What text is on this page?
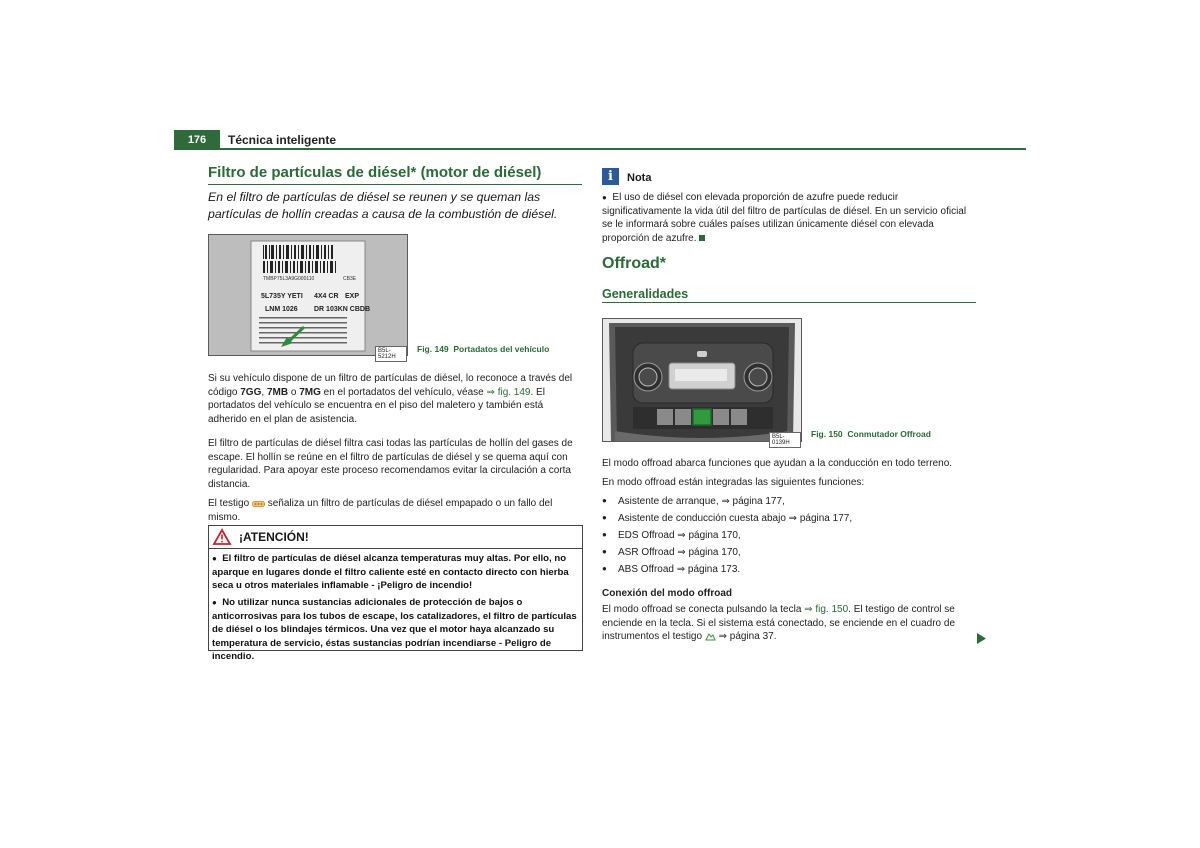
176	Técnica inteligente
Filtro de partículas de diésel* (motor de diésel)
En el filtro de partículas de diésel se reunen y se queman las partículas de hollín creadas a causa de la combustión de diésel.
TMBP75L3A9G000110	CB3E
5L735Y YETI 4X4 CR EXP
LNM 1026 DR 103KN CBDB
B5L-5212H
Fig. 149 Portadatos del vehículo
Si su vehículo dispone de un filtro de partículas de diésel, lo reconoce a través del código 7GG, 7MB o 7MG en el portadatos del vehículo, véase ⇒ fig. 149. El portadatos del vehículo se encuentra en el piso del maletero y también está adherido en el plan de asistencia.
El filtro de partículas de diésel filtra casi todas las partículas de hollín del gases de escape. El hollín se reúne en el filtro de partículas de diésel y se quema aquí con regularidad. Para apoyar este proceso recomendamos evitar la circulación a corta distancia.
El testigo  señaliza un filtro de partículas de diésel empapado o un fallo del mismo.
¡ATENCIÓN!
● El filtro de partículas de diésel alcanza temperaturas muy altas. Por ello, no aparque en lugares donde el filtro caliente esté en contacto directo con hierba seca u otros materiales inflamable - ¡Peligro de incendio!
● No utilizar nunca sustancias adicionales de protección de bajos o anticorrosivas para los tubos de escape, los catalizadores, el filtro de partículas de diésel o los blindajes térmicos. Una vez que el motor haya alcanzado su temperatura de servicio, éstas sustancias podrían incendiarse - Peligro de incendio.
i	Nota
● El uso de diésel con elevada proporción de azufre puede reducir significativamente la vida útil del filtro de partículas de diésel. En un servicio oficial se le informará sobre cuáles países utilizan únicamente diésel con elevada proporción de azufre.
Offroad*
Generalidades
B5L-0139H
Fig. 150 Conmutador Offroad
El modo offroad abarca funciones que ayudan a la conducción en todo terreno.
En modo offroad están integradas las siguientes funciones:
● Asistente de arranque, ⇒ página 177,
● Asistente de conducción cuesta abajo ⇒ página 177,
● EDS Offroad ⇒ página 170,
● ASR Offroad ⇒ página 170,
● ABS Offroad ⇒ página 173.
Conexión del modo offroad
El modo offroad se conecta pulsando la tecla ⇒ fig. 150. El testigo de control se enciende en la tecla. Si el sistema está conectado, se enciende en el cuadro de instrumentos el testigo  ⇒ página 37.
